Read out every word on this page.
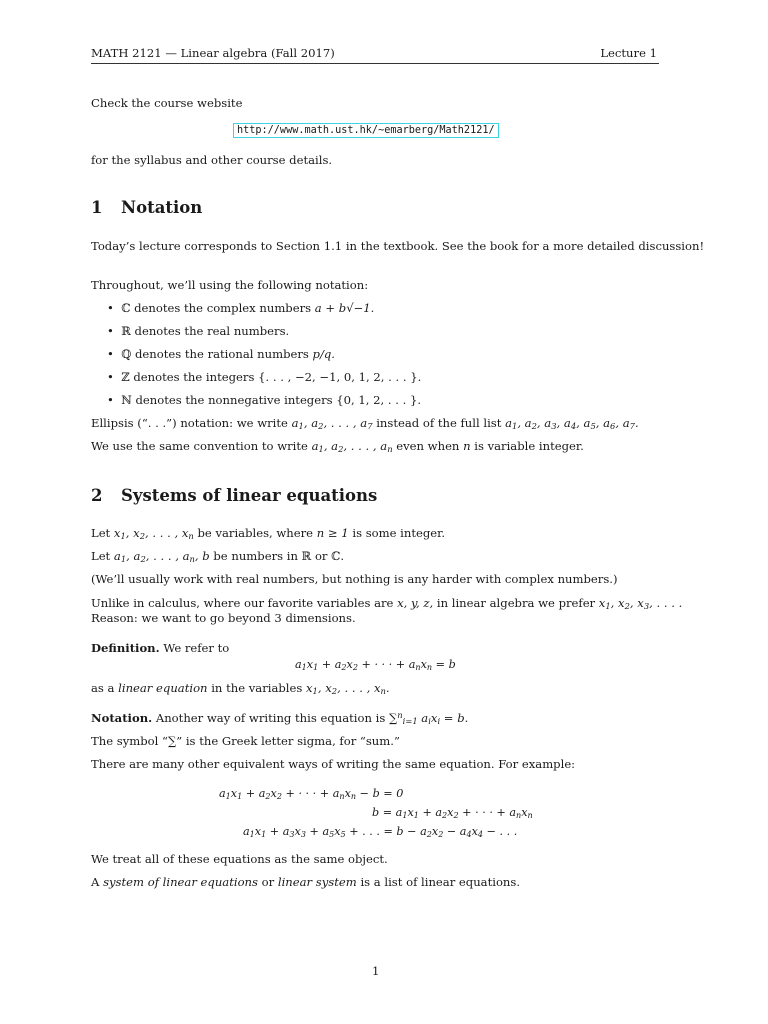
MATH 2121 — Linear algebra (Fall 2017)	Lecture 1
Check the course website
http://www.math.ust.hk/~emarberg/Math2121/
for the syllabus and other course details.
1 Notation
Today’s lecture corresponds to Section 1.1 in the textbook. See the book for a more detailed discussion!
Throughout, we’ll using the following notation:
•  ℂ denotes the complex numbers a + b√−1.
•  ℝ denotes the real numbers.
•  ℚ denotes the rational numbers p/q.
•  ℤ denotes the integers {. . . , −2, −1, 0, 1, 2, . . . }.
•  ℕ denotes the nonnegative integers {0, 1, 2, . . . }.
Ellipsis (“. . .”) notation: we write $a_1$, $a_2$, . . . , $a_7$ instead of the full list $a_1$, $a_2$, $a_3$, $a_4$, $a_5$, $a_6$, $a_7$.
We use the same convention to write $a_1$, $a_2$, . . . , $a_n$ even when n is variable integer.
2 Systems of linear equations
Let $x_1$, $x_2$, . . . , $x_n$ be variables, where n ≥ 1 is some integer.
Let $a_1$, $a_2$, . . . , $a_n$, b be numbers in ℝ or ℂ.
(We’ll usually work with real numbers, but nothing is any harder with complex numbers.)
Unlike in calculus, where our favorite variables are x, y, z, in linear algebra we prefer $x_1$, $x_2$, $x_3$, . . . .
Reason: we want to go beyond 3 dimensions.
Definition. We refer to
$a_1x_1 + a_2x_2$ + · · · + $a_nx_n = b$
as a linear equation in the variables $x_1$, $x_2$, . . . , $x_n$.
Notation. Another way of writing this equation is ∑$^n_{i=1}$ $a_ix_i = b$.
The symbol “∑” is the Greek letter sigma, for “sum.”
There are many other equivalent ways of writing the same equation. For example:
$a_1x_1 + a_2x_2$ + · · · + $a_nx_n - b = 0$
$b = a_1x_1 + a_2x_2$ + · · · + $a_nx_n$
$a_1x_1 + a_3x_3 + a_5x_5$ + . . . = $b - a_2x_2 - a_4x_4$ − . . .
We treat all of these equations as the same object.
A system of linear equations or linear system is a list of linear equations.
1
